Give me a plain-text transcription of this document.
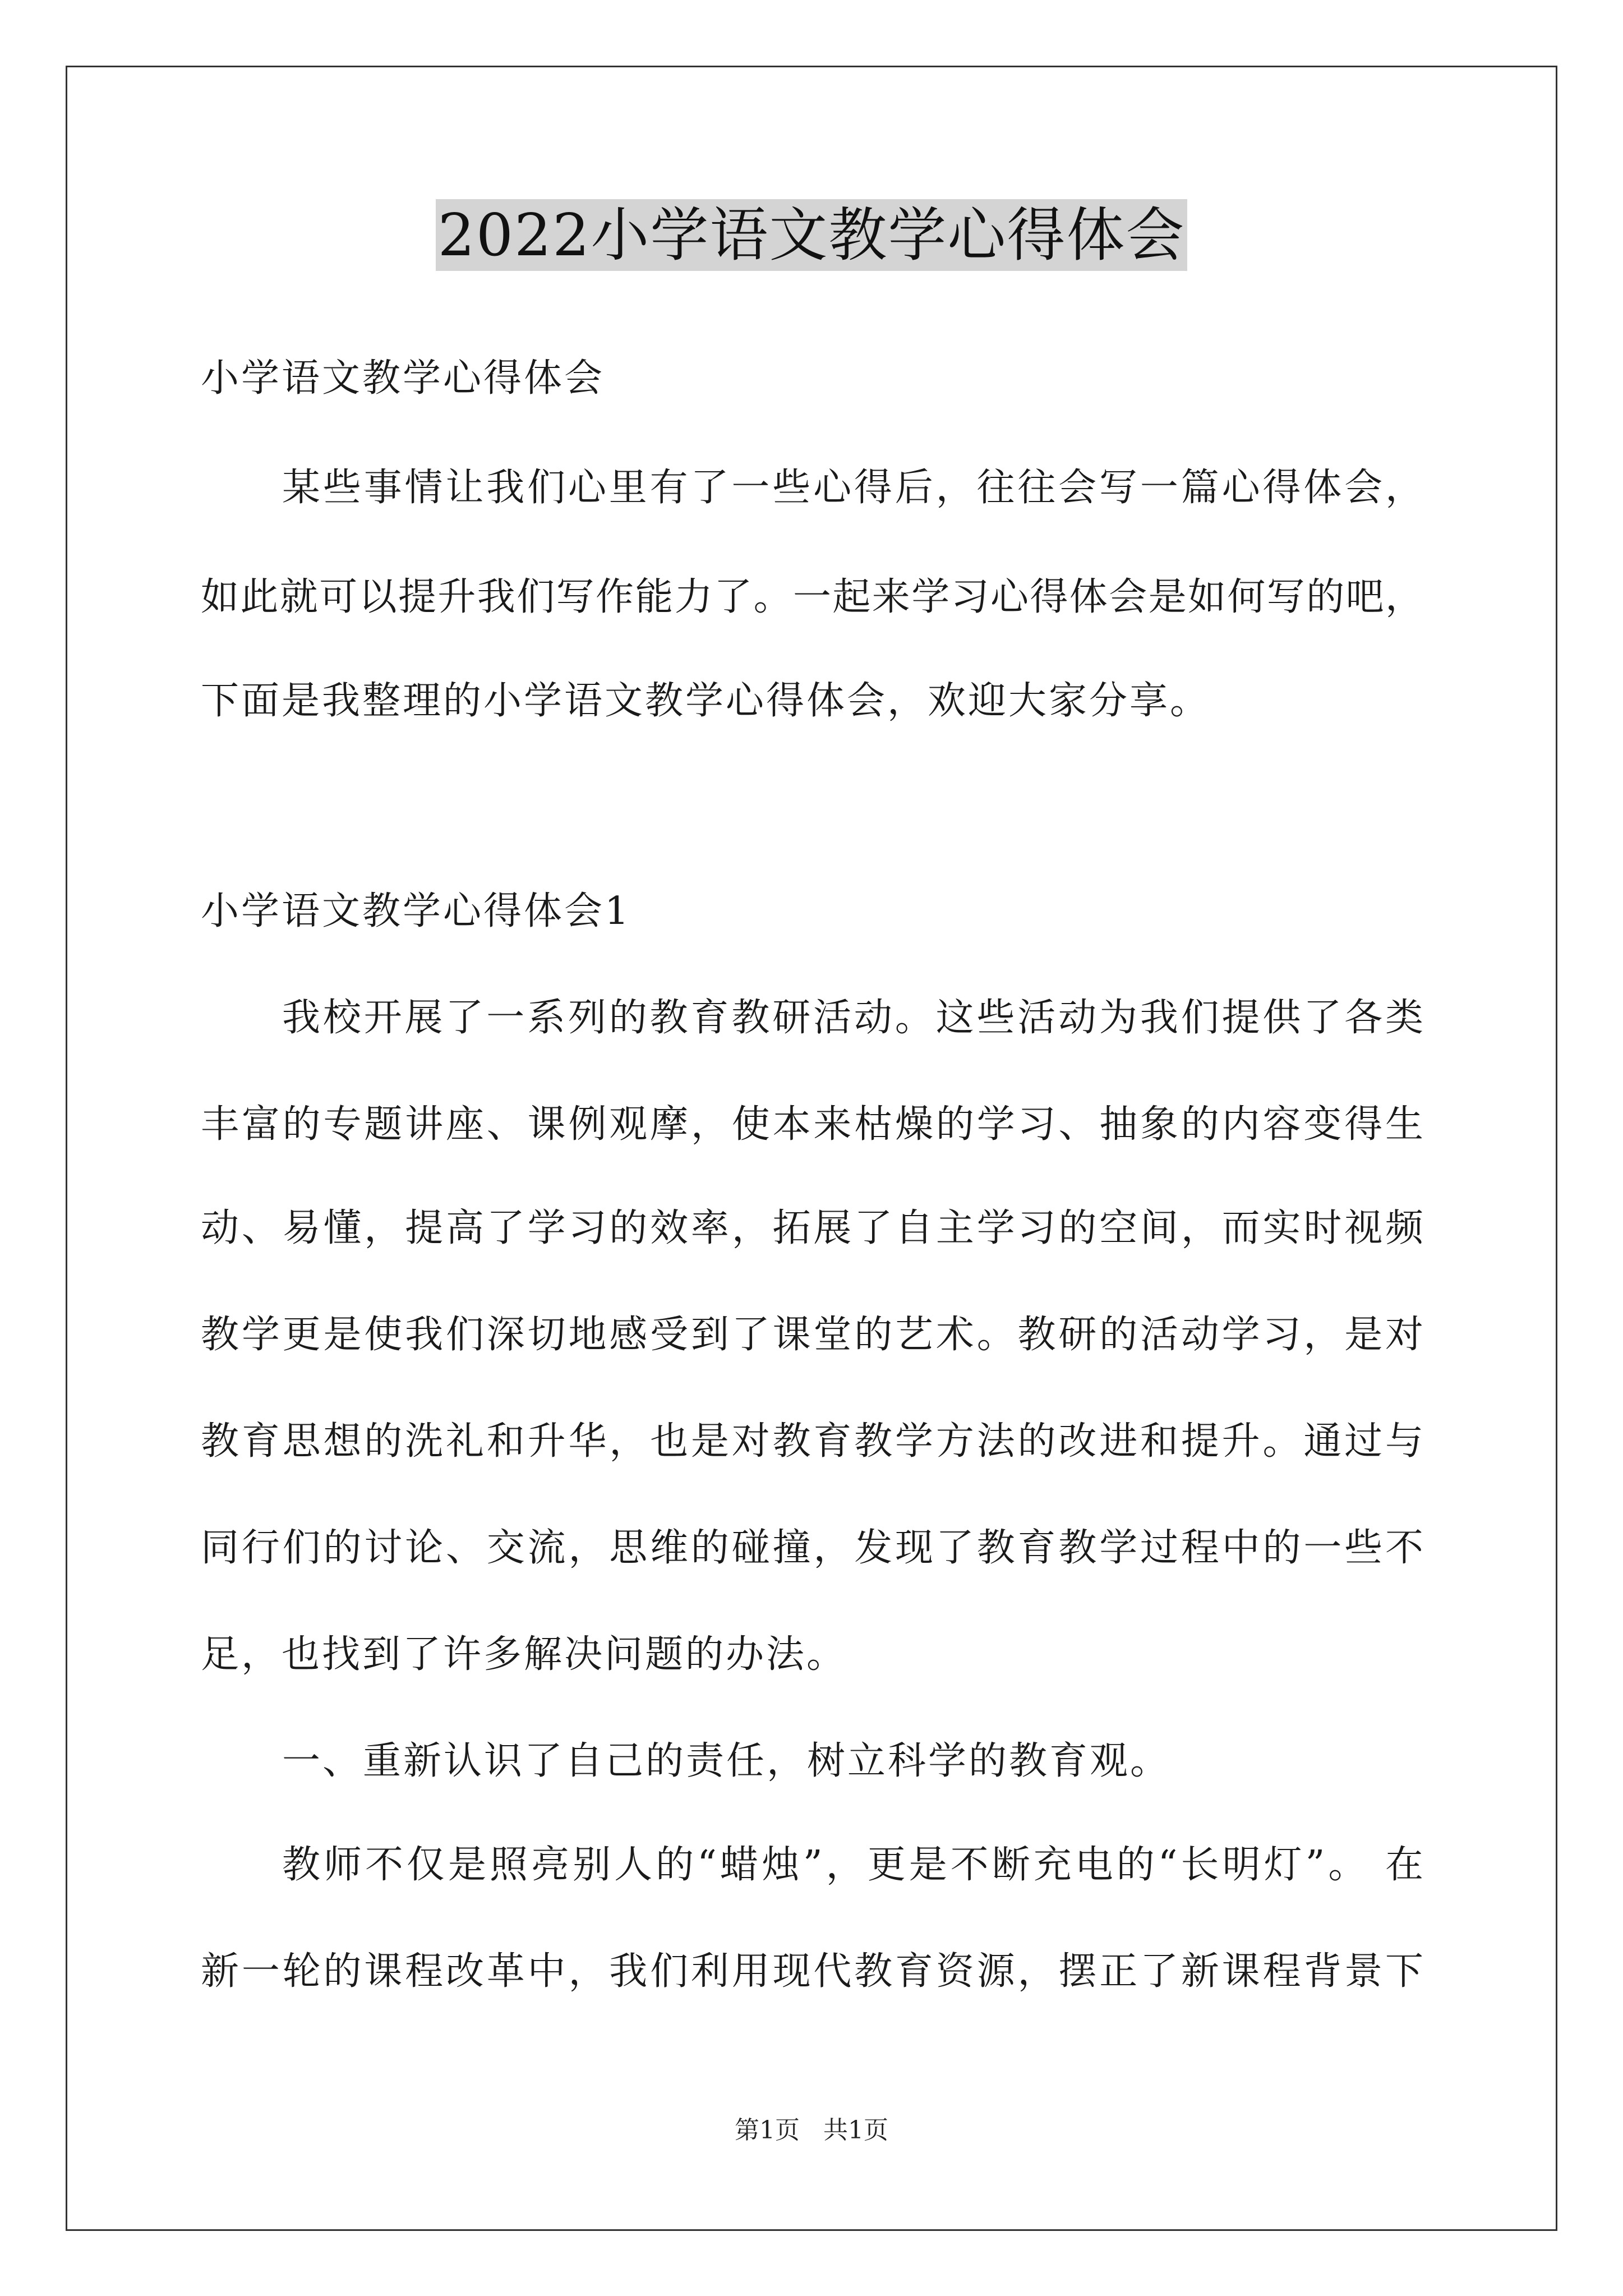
2022小学语文教学心得体会
小学语文教学心得体会
某些事情让我们心里有了一些心得后，往往会写一篇心得体会，
如此就可以提升我们写作能力了。一起来学习心得体会是如何写的吧，
下面是我整理的小学语文教学心得体会，欢迎大家分享。
小学语文教学心得体会1
我校开展了一系列的教育教研活动。这些活动为我们提供了各类
丰富的专题讲座、课例观摩，使本来枯燥的学习、抽象的内容变得生
动、易懂，提高了学习的效率，拓展了自主学习的空间，而实时视频
教学更是使我们深切地感受到了课堂的艺术。教研的活动学习，是对
教育思想的洗礼和升华，也是对教育教学方法的改进和提升。通过与
同行们的讨论、交流，思维的碰撞，发现了教育教学过程中的一些不
足，也找到了许多解决问题的办法。
一、重新认识了自己的责任，树立科学的教育观。
教师不仅是照亮别人的“蜡烛”，更是不断充电的“长明灯”。 在
新一轮的课程改革中，我们利用现代教育资源，摆正了新课程背景下
第1页 共1页
